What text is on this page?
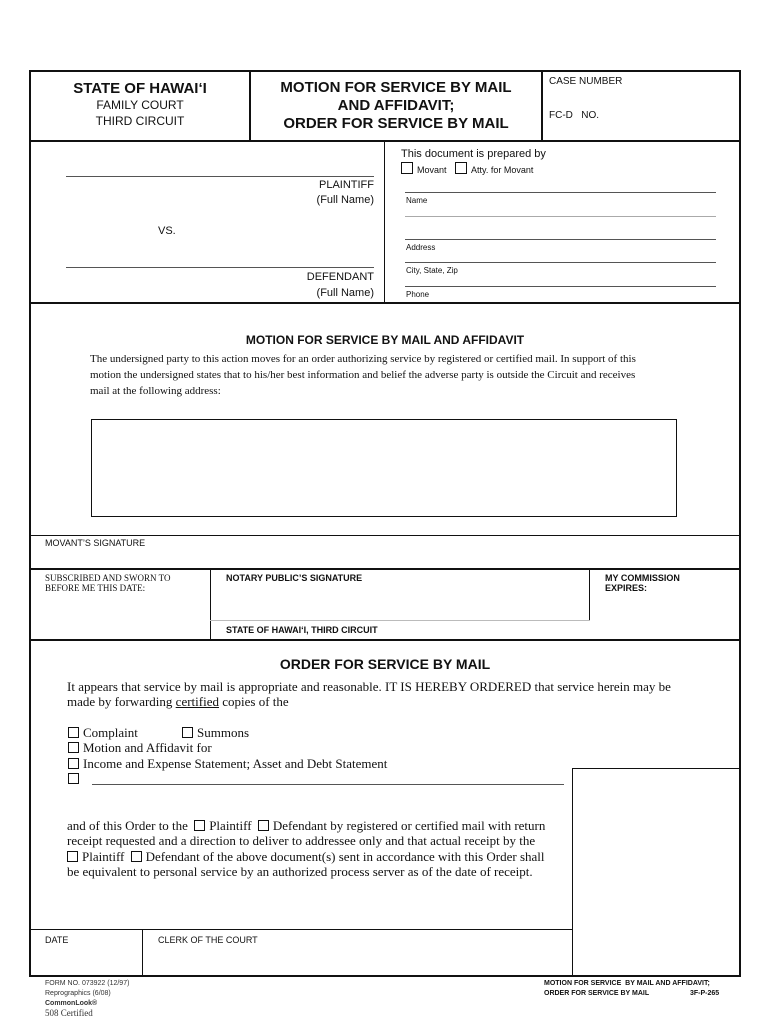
STATE OF HAWAI‘I
FAMILY COURT
THIRD CIRCUIT
MOTION FOR SERVICE BY MAIL
AND AFFIDAVIT;
ORDER FOR SERVICE BY MAIL
CASE NUMBER
FC-D   NO.
PLAINTIFF
(Full Name)
VS.
DEFENDANT
(Full Name)
This document is prepared by
Movant	Atty. for Movant
Name
Address
City, State, Zip
Phone
MOTION FOR SERVICE BY MAIL AND AFFIDAVIT
The undersigned party to this action moves for an order authorizing service by registered or certified mail. In support of this
motion the undersigned states that to his/her best information and belief the adverse party is outside the Circuit and receives
mail at the following address:
MOVANT’S SIGNATURE
SUBSCRIBED AND SWORN TO
BEFORE ME THIS DATE:
NOTARY PUBLIC’S SIGNATURE	MY COMMISSION
EXPIRES:
STATE OF HAWAI‘I, THIRD CIRCUIT
ORDER FOR SERVICE BY MAIL
It appears that service by mail is appropriate and reasonable. IT IS HEREBY ORDERED that service herein may be
made by forwarding certified copies of the
Complaint	Summons
Motion and Affidavit for
Income and Expense Statement; Asset and Debt Statement
and of this Order to the Plaintiff Defendant by registered or certified mail with return
receipt requested and a direction to deliver to addressee only and that actual receipt by the
Plaintiff Defendant of the above document(s) sent in accordance with this Order shall
be equivalent to personal service by an authorized process server as of the date of receipt.
DATE	CLERK OF THE COURT
FORM NO. 073922 (12/97)
Reprographics (6/08)
CommonLook®
508 Certified
MOTION FOR SERVICE  BY MAIL AND AFFIDAVIT;
ORDER FOR SERVICE BY MAIL	3F-P-265
